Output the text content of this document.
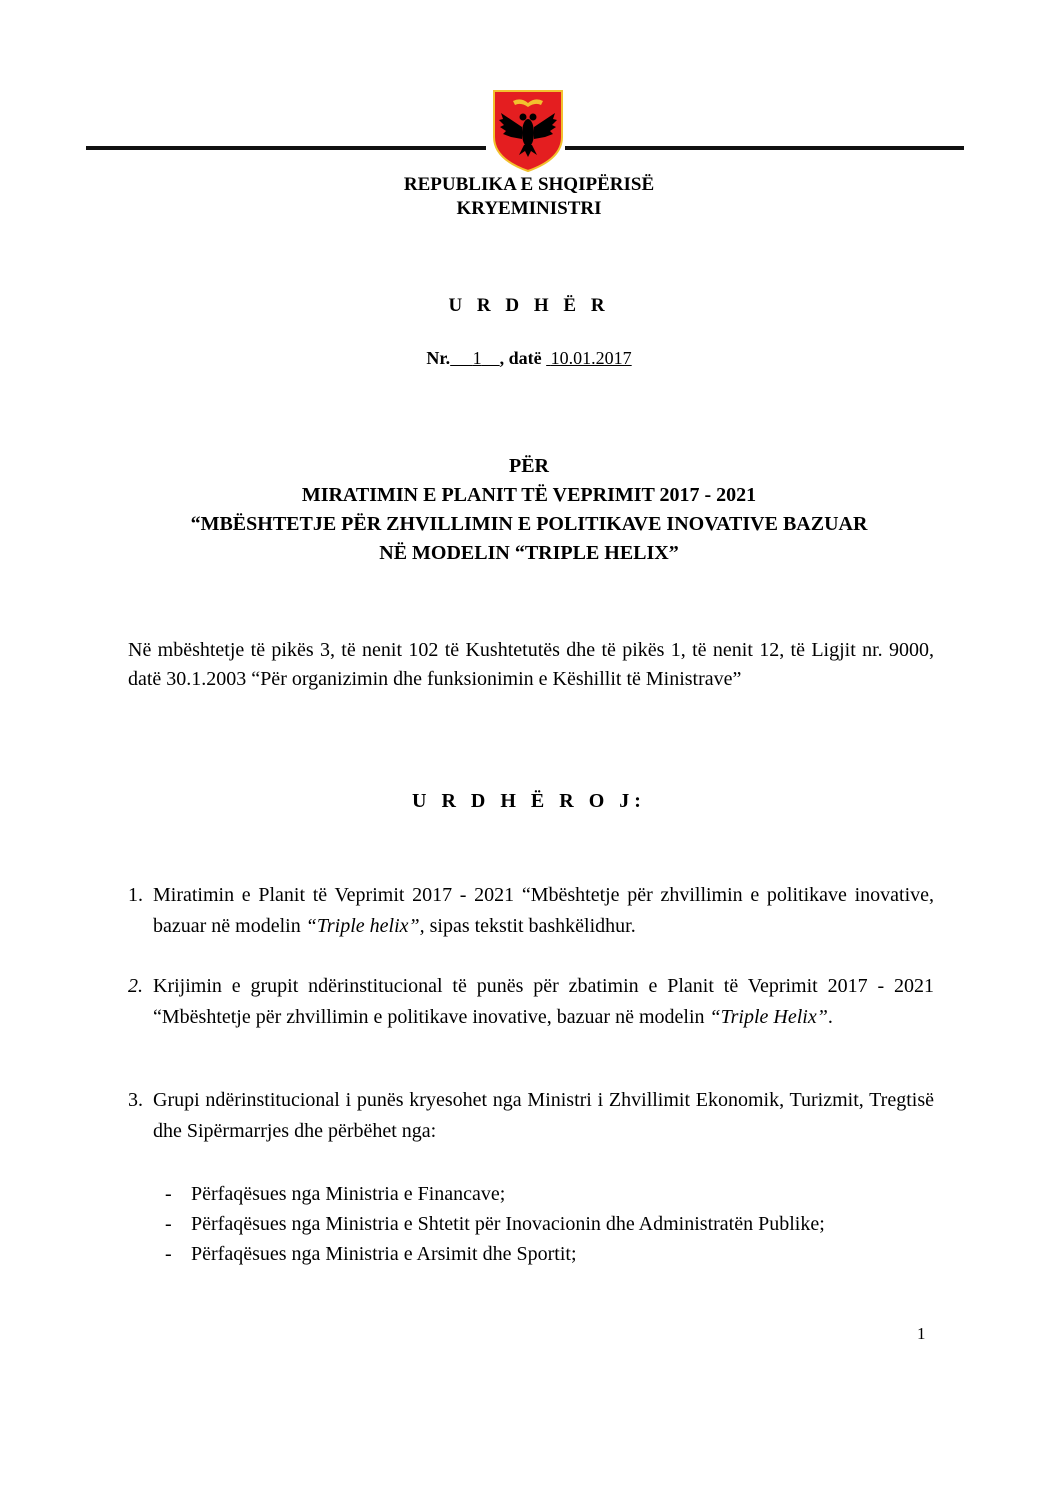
REPUBLIKA E SHQIPËRISË
KRYEMINISTRI
U R D H Ë R
Nr. 1 , datë 10.01.2017
PËR
MIRATIMIN E PLANIT TË VEPRIMIT 2017 - 2021
“MBËSHTETJE PËR ZHVILLIMIN E POLITIKAVE INOVATIVE BAZUAR
NË MODELIN “TRIPLE HELIX”
Në mbështetje të pikës 3, të nenit 102 të Kushtetutës dhe të pikës 1, të nenit 12, të Ligjit nr. 9000, datë 30.1.2003 “Për organizimin dhe funksionimin e Këshillit të Ministrave”
U R D H Ë R O J:
1. Miratimin e Planit të Veprimit 2017 - 2021 “Mbështetje për zhvillimin e politikave inovative, bazuar në modelin “Triple helix”, sipas tekstit bashkëlidhur.
2. Krijimin e grupit ndërinstitucional të punës për zbatimin e Planit të Veprimit 2017 - 2021 “Mbështetje për zhvillimin e politikave inovative, bazuar në modelin “Triple Helix”.
3. Grupi ndërinstitucional i punës kryesohet nga Ministri i Zhvillimit Ekonomik, Turizmit, Tregtisë dhe Sipërmarrjes dhe përbëhet nga:
- Përfaqësues nga Ministria e Financave;
- Përfaqësues nga Ministria e Shtetit për Inovacionin dhe Administratën Publike;
- Përfaqësues nga Ministria e Arsimit dhe Sportit;
1
